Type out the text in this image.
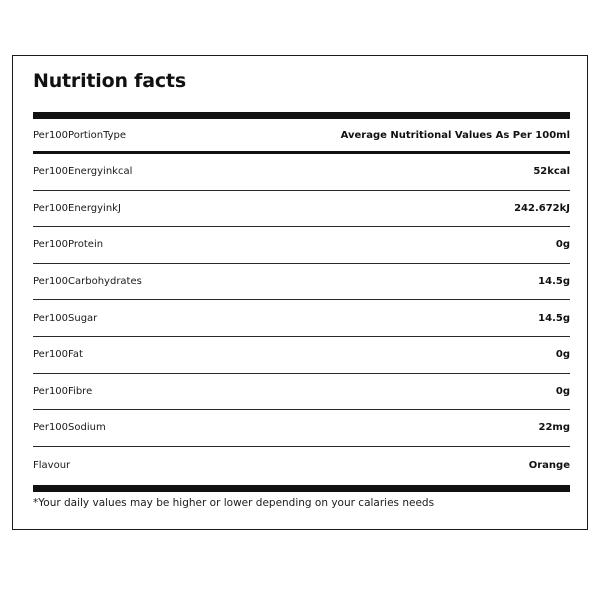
Nutrition facts
Per100PortionType	Average Nutritional Values As Per 100ml
Per100Energyinkcal	52kcal
Per100EnergyinkJ	242.672kJ
Per100Protein	0g
Per100Carbohydrates	14.5g
Per100Sugar	14.5g
Per100Fat	0g
Per100Fibre	0g
Per100Sodium	22mg
Flavour	Orange

*Your daily values may be higher or lower depending on your calaries needs
